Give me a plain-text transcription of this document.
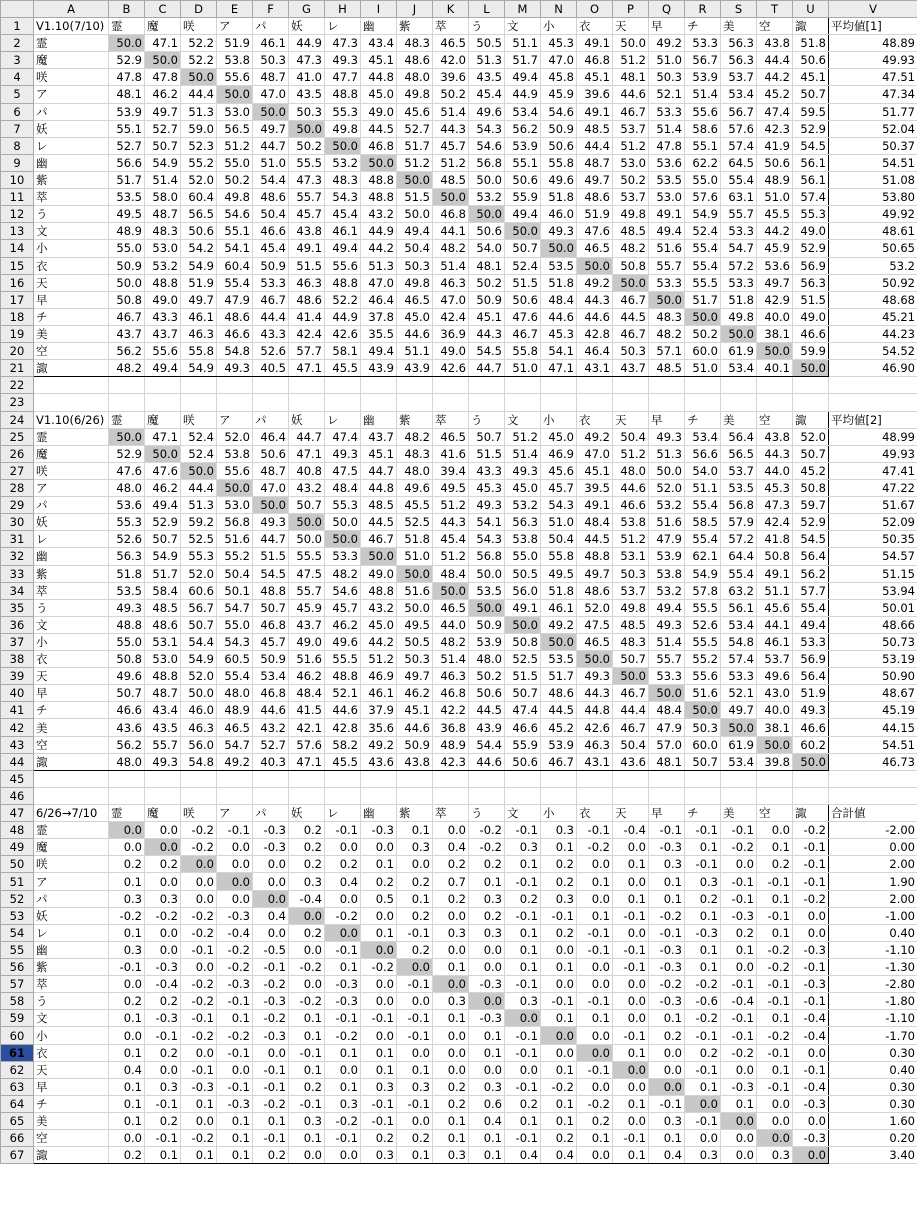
	A	B	C	D	E	F	G	H	I	J	K	L	M	N	O	P	Q	R	S	T	U	V
1	V1.10(7/10)	霊	魔	咲	ア	パ	妖	レ	幽	紫	萃	う	文	小	衣	天	早	チ	美	空	諏	平均値[1]
2	霊	50.0	47.1	52.2	51.9	46.1	44.9	47.3	43.4	48.3	46.5	50.5	51.1	45.3	49.1	50.0	49.2	53.3	56.3	43.8	51.8	48.89
3	魔	52.9	50.0	52.2	53.8	50.3	47.3	49.3	45.1	48.6	42.0	51.3	51.7	47.0	46.8	51.2	51.0	56.7	56.3	44.4	50.6	49.93
4	咲	47.8	47.8	50.0	55.6	48.7	41.0	47.7	44.8	48.0	39.6	43.5	49.4	45.8	45.1	48.1	50.3	53.9	53.7	44.2	45.1	47.51
5	ア	48.1	46.2	44.4	50.0	47.0	43.5	48.8	45.0	49.8	50.2	45.4	44.9	45.9	39.6	44.6	52.1	51.4	53.4	45.2	50.7	47.34
6	パ	53.9	49.7	51.3	53.0	50.0	50.3	55.3	49.0	45.6	51.4	49.6	53.4	54.6	49.1	46.7	53.3	55.6	56.7	47.4	59.5	51.77
7	妖	55.1	52.7	59.0	56.5	49.7	50.0	49.8	44.5	52.7	44.3	54.3	56.2	50.9	48.5	53.7	51.4	58.6	57.6	42.3	52.9	52.04
8	レ	52.7	50.7	52.3	51.2	44.7	50.2	50.0	46.8	51.7	45.7	54.6	53.9	50.6	44.4	51.2	47.8	55.1	57.4	41.9	54.5	50.37
9	幽	56.6	54.9	55.2	55.0	51.0	55.5	53.2	50.0	51.2	51.2	56.8	55.1	55.8	48.7	53.0	53.6	62.2	64.5	50.6	56.1	54.51
10	紫	51.7	51.4	52.0	50.2	54.4	47.3	48.3	48.8	50.0	48.5	50.0	50.6	49.6	49.7	50.2	53.5	55.0	55.4	48.9	56.1	51.08
11	萃	53.5	58.0	60.4	49.8	48.6	55.7	54.3	48.8	51.5	50.0	53.2	55.9	51.8	48.6	53.7	53.0	57.6	63.1	51.0	57.4	53.80
12	う	49.5	48.7	56.5	54.6	50.4	45.7	45.4	43.2	50.0	46.8	50.0	49.4	46.0	51.9	49.8	49.1	54.9	55.7	45.5	55.3	49.92
13	文	48.9	48.3	50.6	55.1	46.6	43.8	46.1	44.9	49.4	44.1	50.6	50.0	49.3	47.6	48.5	49.4	52.4	53.3	44.2	49.0	48.61
14	小	55.0	53.0	54.2	54.1	45.4	49.1	49.4	44.2	50.4	48.2	54.0	50.7	50.0	46.5	48.2	51.6	55.4	54.7	45.9	52.9	50.65
15	衣	50.9	53.2	54.9	60.4	50.9	51.5	55.6	51.3	50.3	51.4	48.1	52.4	53.5	50.0	50.8	55.7	55.4	57.2	53.6	56.9	53.2
16	天	50.0	48.8	51.9	55.4	53.3	46.3	48.8	47.0	49.8	46.3	50.2	51.5	51.8	49.2	50.0	53.3	55.5	53.3	49.7	56.3	50.92
17	早	50.8	49.0	49.7	47.9	46.7	48.6	52.2	46.4	46.5	47.0	50.9	50.6	48.4	44.3	46.7	50.0	51.7	51.8	42.9	51.5	48.68
18	チ	46.7	43.3	46.1	48.6	44.4	41.4	44.9	37.8	45.0	42.4	45.1	47.6	44.6	44.6	44.5	48.3	50.0	49.8	40.0	49.0	45.21
19	美	43.7	43.7	46.3	46.6	43.3	42.4	42.6	35.5	44.6	36.9	44.3	46.7	45.3	42.8	46.7	48.2	50.2	50.0	38.1	46.6	44.23
20	空	56.2	55.6	55.8	54.8	52.6	57.7	58.1	49.4	51.1	49.0	54.5	55.8	54.1	46.4	50.3	57.1	60.0	61.9	50.0	59.9	54.52
21	諏	48.2	49.4	54.9	49.3	40.5	47.1	45.5	43.9	43.9	42.6	44.7	51.0	47.1	43.1	43.7	48.5	51.0	53.4	40.1	50.0	46.90
22																						
23																						
24	V1.10(6/26)	霊	魔	咲	ア	パ	妖	レ	幽	紫	萃	う	文	小	衣	天	早	チ	美	空	諏	平均値[2]
25	霊	50.0	47.1	52.4	52.0	46.4	44.7	47.4	43.7	48.2	46.5	50.7	51.2	45.0	49.2	50.4	49.3	53.4	56.4	43.8	52.0	48.99
26	魔	52.9	50.0	52.4	53.8	50.6	47.1	49.3	45.1	48.3	41.6	51.5	51.4	46.9	47.0	51.2	51.3	56.6	56.5	44.3	50.7	49.93
27	咲	47.6	47.6	50.0	55.6	48.7	40.8	47.5	44.7	48.0	39.4	43.3	49.3	45.6	45.1	48.0	50.0	54.0	53.7	44.0	45.2	47.41
28	ア	48.0	46.2	44.4	50.0	47.0	43.2	48.4	44.8	49.6	49.5	45.3	45.0	45.7	39.5	44.6	52.0	51.1	53.5	45.3	50.8	47.22
29	パ	53.6	49.4	51.3	53.0	50.0	50.7	55.3	48.5	45.5	51.2	49.3	53.2	54.3	49.1	46.6	53.2	55.4	56.8	47.3	59.7	51.67
30	妖	55.3	52.9	59.2	56.8	49.3	50.0	50.0	44.5	52.5	44.3	54.1	56.3	51.0	48.4	53.8	51.6	58.5	57.9	42.4	52.9	52.09
31	レ	52.6	50.7	52.5	51.6	44.7	50.0	50.0	46.7	51.8	45.4	54.3	53.8	50.4	44.5	51.2	47.9	55.4	57.2	41.8	54.5	50.35
32	幽	56.3	54.9	55.3	55.2	51.5	55.5	53.3	50.0	51.0	51.2	56.8	55.0	55.8	48.8	53.1	53.9	62.1	64.4	50.8	56.4	54.57
33	紫	51.8	51.7	52.0	50.4	54.5	47.5	48.2	49.0	50.0	48.4	50.0	50.5	49.5	49.7	50.3	53.8	54.9	55.4	49.1	56.2	51.15
34	萃	53.5	58.4	60.6	50.1	48.8	55.7	54.6	48.8	51.6	50.0	53.5	56.0	51.8	48.6	53.7	53.2	57.8	63.2	51.1	57.7	53.94
35	う	49.3	48.5	56.7	54.7	50.7	45.9	45.7	43.2	50.0	46.5	50.0	49.1	46.1	52.0	49.8	49.4	55.5	56.1	45.6	55.4	50.01
36	文	48.8	48.6	50.7	55.0	46.8	43.7	46.2	45.0	49.5	44.0	50.9	50.0	49.2	47.5	48.5	49.3	52.6	53.4	44.1	49.4	48.66
37	小	55.0	53.1	54.4	54.3	45.7	49.0	49.6	44.2	50.5	48.2	53.9	50.8	50.0	46.5	48.3	51.4	55.5	54.8	46.1	53.3	50.73
38	衣	50.8	53.0	54.9	60.5	50.9	51.6	55.5	51.2	50.3	51.4	48.0	52.5	53.5	50.0	50.7	55.7	55.2	57.4	53.7	56.9	53.19
39	天	49.6	48.8	52.0	55.4	53.4	46.2	48.8	46.9	49.7	46.3	50.2	51.5	51.7	49.3	50.0	53.3	55.6	53.3	49.6	56.4	50.90
40	早	50.7	48.7	50.0	48.0	46.8	48.4	52.1	46.1	46.2	46.8	50.6	50.7	48.6	44.3	46.7	50.0	51.6	52.1	43.0	51.9	48.67
41	チ	46.6	43.4	46.0	48.9	44.6	41.5	44.6	37.9	45.1	42.2	44.5	47.4	44.5	44.8	44.4	48.4	50.0	49.7	40.0	49.3	45.19
42	美	43.6	43.5	46.3	46.5	43.2	42.1	42.8	35.6	44.6	36.8	43.9	46.6	45.2	42.6	46.7	47.9	50.3	50.0	38.1	46.6	44.15
43	空	56.2	55.7	56.0	54.7	52.7	57.6	58.2	49.2	50.9	48.9	54.4	55.9	53.9	46.3	50.4	57.0	60.0	61.9	50.0	60.2	54.51
44	諏	48.0	49.3	54.8	49.2	40.3	47.1	45.5	43.6	43.8	42.3	44.6	50.6	46.7	43.1	43.6	48.1	50.7	53.4	39.8	50.0	46.73
45																						
46																						
47	6/26→7/10	霊	魔	咲	ア	パ	妖	レ	幽	紫	萃	う	文	小	衣	天	早	チ	美	空	諏	合計値
48	霊	0.0	0.0	-0.2	-0.1	-0.3	0.2	-0.1	-0.3	0.1	0.0	-0.2	-0.1	0.3	-0.1	-0.4	-0.1	-0.1	-0.1	0.0	-0.2	-2.00
49	魔	0.0	0.0	-0.2	0.0	-0.3	0.2	0.0	0.0	0.3	0.4	-0.2	0.3	0.1	-0.2	0.0	-0.3	0.1	-0.2	0.1	-0.1	0.00
50	咲	0.2	0.2	0.0	0.0	0.0	0.2	0.2	0.1	0.0	0.2	0.2	0.1	0.2	0.0	0.1	0.3	-0.1	0.0	0.2	-0.1	2.00
51	ア	0.1	0.0	0.0	0.0	0.0	0.3	0.4	0.2	0.2	0.7	0.1	-0.1	0.2	0.1	0.0	0.1	0.3	-0.1	-0.1	-0.1	1.90
52	パ	0.3	0.3	0.0	0.0	0.0	-0.4	0.0	0.5	0.1	0.2	0.3	0.2	0.3	0.0	0.1	0.1	0.2	-0.1	0.1	-0.2	2.00
53	妖	-0.2	-0.2	-0.2	-0.3	0.4	0.0	-0.2	0.0	0.2	0.0	0.2	-0.1	-0.1	0.1	-0.1	-0.2	0.1	-0.3	-0.1	0.0	-1.00
54	レ	0.1	0.0	-0.2	-0.4	0.0	0.2	0.0	0.1	-0.1	0.3	0.3	0.1	0.2	-0.1	0.0	-0.1	-0.3	0.2	0.1	0.0	0.40
55	幽	0.3	0.0	-0.1	-0.2	-0.5	0.0	-0.1	0.0	0.2	0.0	0.0	0.1	0.0	-0.1	-0.1	-0.3	0.1	0.1	-0.2	-0.3	-1.10
56	紫	-0.1	-0.3	0.0	-0.2	-0.1	-0.2	0.1	-0.2	0.0	0.1	0.0	0.1	0.1	0.0	-0.1	-0.3	0.1	0.0	-0.2	-0.1	-1.30
57	萃	0.0	-0.4	-0.2	-0.3	-0.2	0.0	-0.3	0.0	-0.1	0.0	-0.3	-0.1	0.0	0.0	0.0	-0.2	-0.2	-0.1	-0.1	-0.3	-2.80
58	う	0.2	0.2	-0.2	-0.1	-0.3	-0.2	-0.3	0.0	0.0	0.3	0.0	0.3	-0.1	-0.1	0.0	-0.3	-0.6	-0.4	-0.1	-0.1	-1.80
59	文	0.1	-0.3	-0.1	0.1	-0.2	0.1	-0.1	-0.1	-0.1	0.1	-0.3	0.0	0.1	0.1	0.0	0.1	-0.2	-0.1	0.1	-0.4	-1.10
60	小	0.0	-0.1	-0.2	-0.2	-0.3	0.1	-0.2	0.0	-0.1	0.0	0.1	-0.1	0.0	0.0	-0.1	0.2	-0.1	-0.1	-0.2	-0.4	-1.70
61	衣	0.1	0.2	0.0	-0.1	0.0	-0.1	0.1	0.1	0.0	0.0	0.1	-0.1	0.0	0.0	0.1	0.0	0.2	-0.2	-0.1	0.0	0.30
62	天	0.4	0.0	-0.1	0.0	-0.1	0.1	0.0	0.1	0.1	0.0	0.0	0.0	0.1	-0.1	0.0	0.0	-0.1	0.0	0.1	-0.1	0.40
63	早	0.1	0.3	-0.3	-0.1	-0.1	0.2	0.1	0.3	0.3	0.2	0.3	-0.1	-0.2	0.0	0.0	0.0	0.1	-0.3	-0.1	-0.4	0.30
64	チ	0.1	-0.1	0.1	-0.3	-0.2	-0.1	0.3	-0.1	-0.1	0.2	0.6	0.2	0.1	-0.2	0.1	-0.1	0.0	0.1	0.0	-0.3	0.30
65	美	0.1	0.2	0.0	0.1	0.1	0.3	-0.2	-0.1	0.0	0.1	0.4	0.1	0.1	0.2	0.0	0.3	-0.1	0.0	0.0	0.0	1.60
66	空	0.0	-0.1	-0.2	0.1	-0.1	0.1	-0.1	0.2	0.2	0.1	0.1	-0.1	0.2	0.1	-0.1	0.1	0.0	0.0	0.0	-0.3	0.20
67	諏	0.2	0.1	0.1	0.1	0.2	0.0	0.0	0.3	0.1	0.3	0.1	0.4	0.4	0.0	0.1	0.4	0.3	0.0	0.3	0.0	3.40
